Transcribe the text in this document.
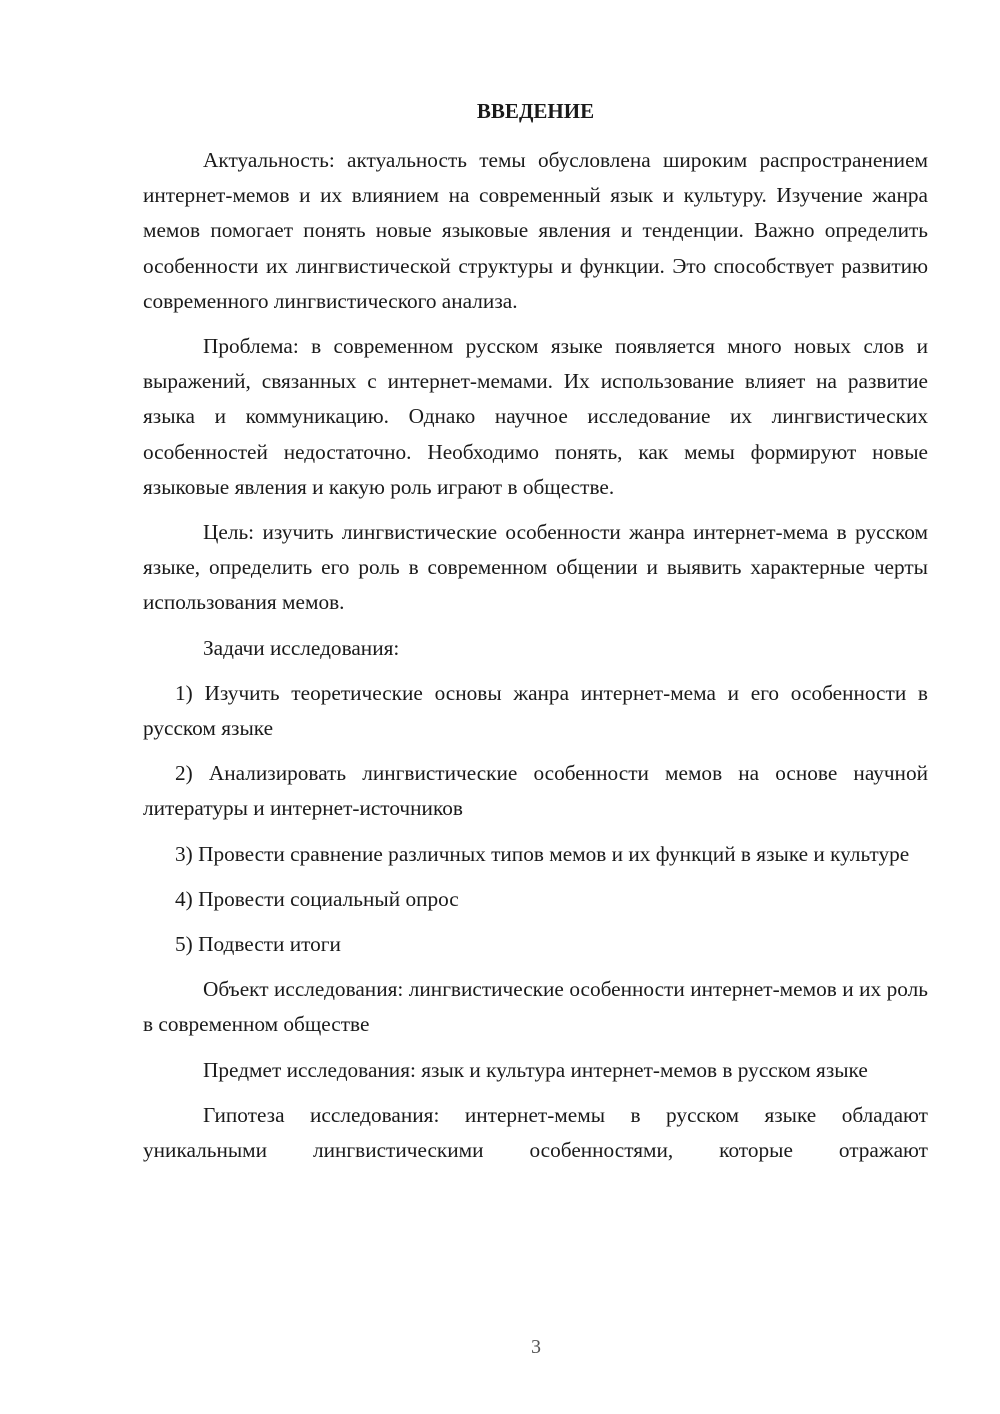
ВВЕДЕНИЕ

Актуальность: актуальность темы обусловлена широким распространением интернет-мемов и их влиянием на современный язык и культуру. Изучение жанра мемов помогает понять новые языковые явления и тенденции. Важно определить особенности их лингвистической структуры и функции. Это способствует развитию современного лингвистического анализа.

Проблема: в современном русском языке появляется много новых слов и выражений, связанных с интернет-мемами. Их использование влияет на развитие языка и коммуникацию. Однако научное исследование их лингвистических особенностей недостаточно. Необходимо понять, как мемы формируют новые языковые явления и какую роль играют в обществе.

Цель: изучить лингвистические особенности жанра интернет-мема в русском языке, определить его роль в современном общении и выявить характерные черты использования мемов.

Задачи исследования:

1) Изучить теоретические основы жанра интернет-мема и его особенности в русском языке

2) Анализировать лингвистические особенности мемов на основе научной литературы и интернет-источников

3) Провести сравнение различных типов мемов и их функций в языке и культуре

4) Провести социальный опрос

5) Подвести итоги

Объект исследования: лингвистические особенности интернет-мемов и их роль в современном обществе

Предмет исследования: язык и культура интернет-мемов в русском языке

Гипотеза исследования: интернет-мемы в русском языке обладают уникальными лингвистическими особенностями, которые отражают

3
